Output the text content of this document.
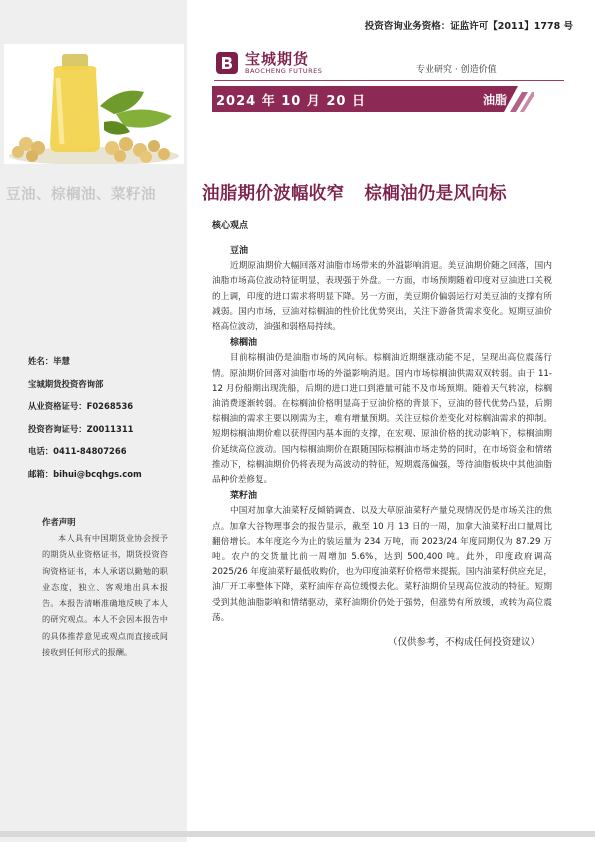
投资咨询业务资格：证监许可【2011】1778 号
宝城期货
BAOCHENG FUTURES	专业研究 · 创造价值
2024 年 10 月 20 日	油脂
豆油、棕榈油、菜籽油	油脂期价波幅收窄 棕榈油仍是风向标
核心观点
豆油

近期原油期价大幅回落对油脂市场带来的外溢影响消退。美豆油期价随之回落，国内油脂市场高位波动特征明显，表现强于外盘。一方面，市场预期随着印度对豆油进口关税的上调，印度的进口需求将明显下降。另一方面，美豆期价偏弱运行对美豆油的支撑有所减弱。国内市场，豆油对棕榈油的性价比优势突出，关注下游备货需求变化。短期豆油价格高位波动，油强和弱格局持续。

棕榈油

目前棕榈油仍是油脂市场的风向标。棕榈油近期继涨动能不足，呈现出高位震荡行情。原油期价回落对油脂市场的外溢影响消退。国内市场棕榈油供需双双转弱。由于 11-12 月份船期出现洗船，后期的进口进口到港量可能不及市场预期。随着天气转凉，棕榈油消费逐渐转弱。在棕榈油价格明显高于豆油价格的背景下，豆油的替代优势凸显，后期棕榈油的需求主要以刚需为主，难有增量预期。关注豆棕价差变化对棕榈油需求的抑制。短期棕榈油期价难以获得国内基本面的支撑，在宏观、原油价格的扰动影响下，棕榈油期价延续高位波动。国内棕榈油期价在跟随国际棕榈油市场走势的同时，在市场资金和情绪推动下，棕榈油期价仍将表现为高波动的特征，短期震荡偏强，等待油脂板块中其他油脂品种价差修复。

菜籽油

中国对加拿大油菜籽反倾销调查、以及大草原油菜籽产量兑现情况仍是市场关注的焦点。加拿大谷物理事会的报告显示，截至 10 月 13 日的一周，加拿大油菜籽出口量周比翻倍增长。本年度迄今为止的装运量为 234 万吨，而 2023/24 年度同期仅为 87.29 万吨。农户的交货量比前一周增加 5.6%，达到 500,400 吨。此外，印度政府调高 2025/26 年度油菜籽最低收购价，也为印度油菜籽价格带来提振。国内油菜籽供应充足，油厂开工率整体下降，菜籽油库存高位缓慢去化。菜籽油期价呈现高位波动的特征。短期受到其他油脂影响和情绪驱动，菜籽油期价仍处于强势，但涨势有所放缓，或转为高位震荡。

（仅供参考，不构成任何投资建议）
姓名：毕慧
宝城期货投资咨询部
从业资格证号：F0268536
投资咨询证号：Z0011311
电话：0411-84807266
邮箱：bihui@bcqhgs.com
作者声明
本人具有中国期货业协会授予的期货从业资格证书，期货投资咨询资格证书，本人承诺以勤勉的职业态度，独立、客观地出具本报告。本报告清晰准确地反映了本人的研究观点。本人不会因本报告中的具体推荐意见或观点而直接或间接收到任何形式的报酬。
